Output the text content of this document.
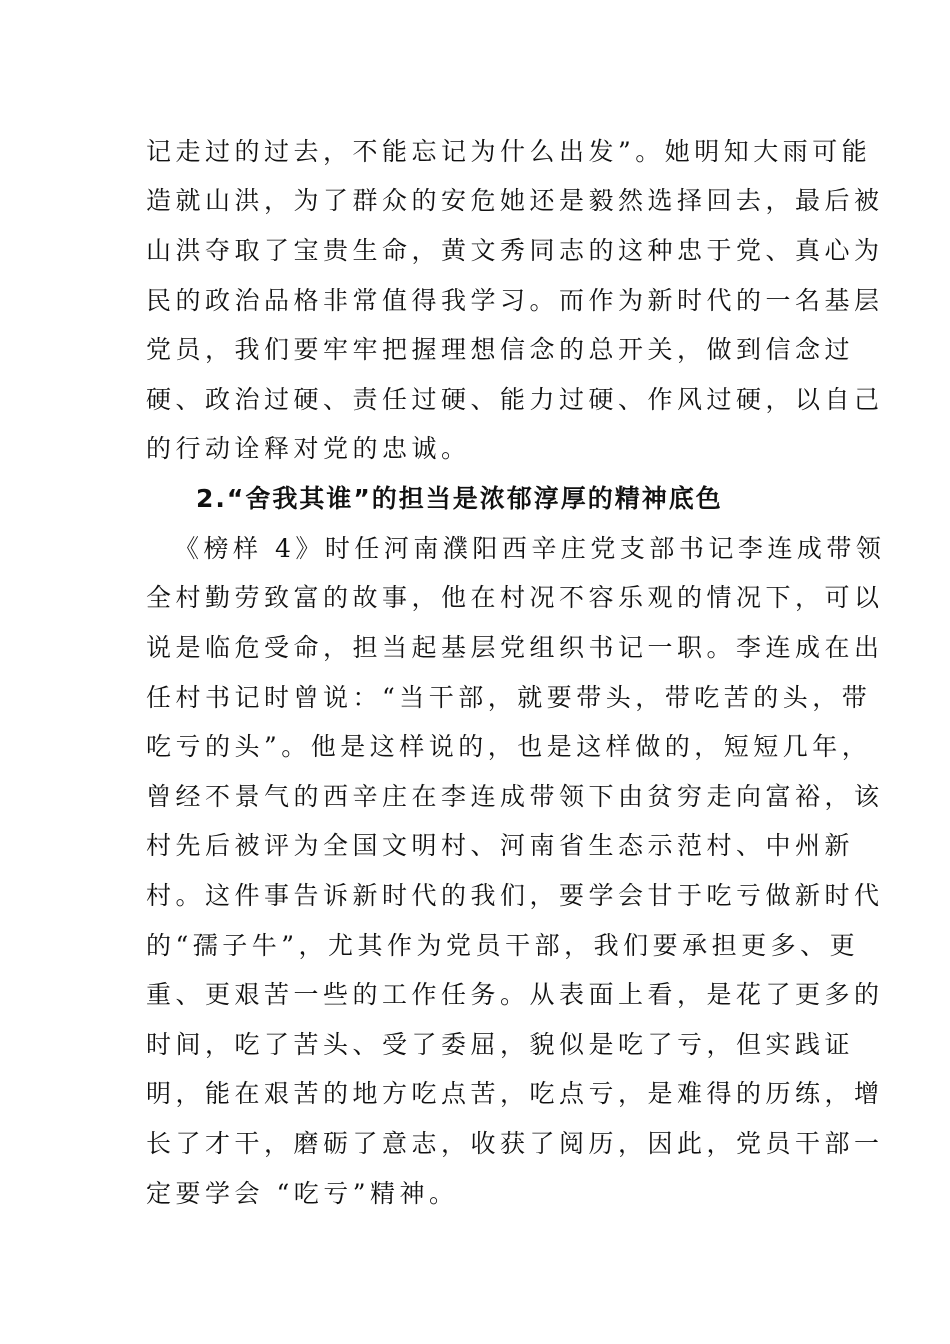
记走过的过去，不能忘记为什么出发”。她明知大雨可能
造就山洪，为了群众的安危她还是毅然选择回去，最后被
山洪夺取了宝贵生命，黄文秀同志的这种忠于党、真心为
民的政治品格非常值得我学习。而作为新时代的一名基层
党员，我们要牢牢把握理想信念的总开关，做到信念过
硬、政治过硬、责任过硬、能力过硬、作风过硬，以自己
的行动诠释对党的忠诚。
2.“舍我其谁”的担当是浓郁淳厚的精神底色
《榜样 4》时任河南濮阳西辛庄党支部书记李连成带领
全村勤劳致富的故事，他在村况不容乐观的情况下，可以
说是临危受命，担当起基层党组织书记一职。李连成在出
任村书记时曾说：“当干部，就要带头，带吃苦的头，带
吃亏的头”。他是这样说的，也是这样做的，短短几年，
曾经不景气的西辛庄在李连成带领下由贫穷走向富裕，该
村先后被评为全国文明村、河南省生态示范村、中州新
村。这件事告诉新时代的我们，要学会甘于吃亏做新时代
的“孺子牛”，尤其作为党员干部，我们要承担更多、更
重、更艰苦一些的工作任务。从表面上看，是花了更多的
时间，吃了苦头、受了委屈，貌似是吃了亏，但实践证
明，能在艰苦的地方吃点苦，吃点亏，是难得的历练，增
长了才干，磨砺了意志，收获了阅历，因此，党员干部一
定要学会 “吃亏”精神。
